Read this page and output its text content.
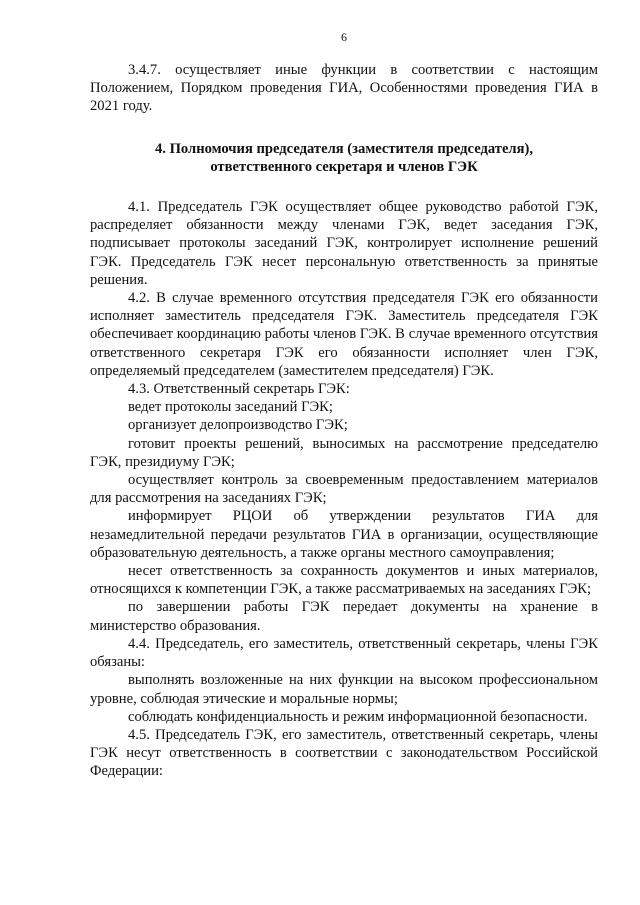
6

3.4.7. осуществляет иные функции в соответствии с настоящим Положением, Порядком проведения ГИА, Особенностями проведения ГИА в 2021 году.

4. Полномочия председателя (заместителя председателя),
ответственного секретаря и членов ГЭК

4.1. Председатель ГЭК осуществляет общее руководство работой ГЭК, распределяет обязанности между членами ГЭК, ведет заседания ГЭК, подписывает протоколы заседаний ГЭК, контролирует исполнение решений ГЭК. Председатель ГЭК несет персональную ответственность за принятые решения.

4.2. В случае временного отсутствия председателя ГЭК его обязанности исполняет заместитель председателя ГЭК. Заместитель председателя ГЭК обеспечивает координацию работы членов ГЭК. В случае временного отсутствия ответственного секретаря ГЭК его обязанности исполняет член ГЭК, определяемый председателем (заместителем председателя) ГЭК.

4.3. Ответственный секретарь ГЭК:

ведет протоколы заседаний ГЭК;

организует делопроизводство ГЭК;

готовит проекты решений, выносимых на рассмотрение председателю ГЭК, президиуму ГЭК;

осуществляет контроль за своевременным предоставлением материалов для рассмотрения на заседаниях ГЭК;

информирует РЦОИ об утверждении результатов ГИА для незамедлительной передачи результатов ГИА в организации, осуществляющие образовательную деятельность, а также органы местного самоуправления;

несет ответственность за сохранность документов и иных материалов, относящихся к компетенции ГЭК, а также рассматриваемых на заседаниях ГЭК;

по завершении работы ГЭК передает документы на хранение в министерство образования.

4.4. Председатель, его заместитель, ответственный секретарь, члены ГЭК обязаны:

выполнять возложенные на них функции на высоком профессиональном уровне, соблюдая этические и моральные нормы;

соблюдать конфиденциальность и режим информационной безопасности.

4.5. Председатель ГЭК, его заместитель, ответственный секретарь, члены ГЭК несут ответственность в соответствии с законодательством Российской Федерации:
